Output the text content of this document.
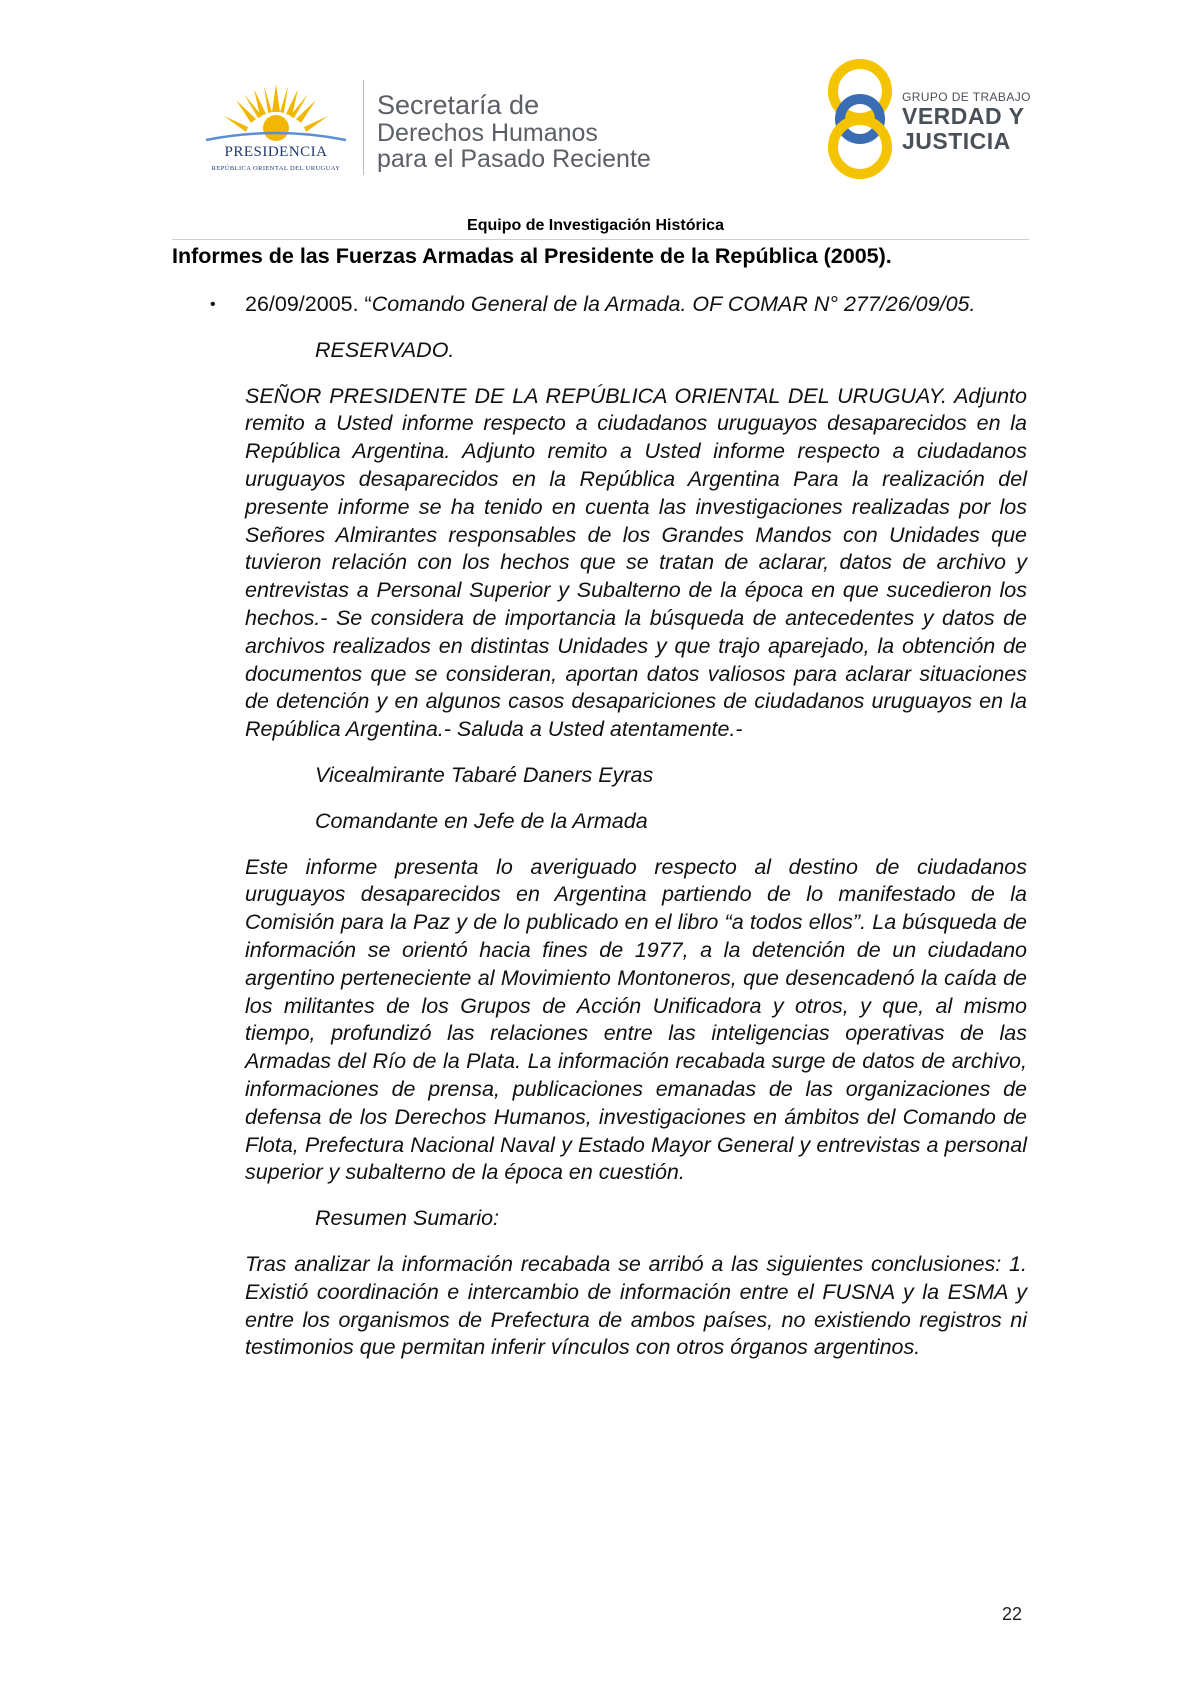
PRESIDENCIA
REPÚBLICA ORIENTAL DEL URUGUAY
Secretaría de
Derechos Humanos
para el Pasado Reciente
GRUPO DE TRABAJO
VERDAD Y
JUSTICIA
Equipo de Investigación Histórica
Informes de las Fuerzas Armadas al Presidente de la República (2005).

• 26/09/2005. “Comando General de la Armada. OF COMAR N° 277/26/09/05.

RESERVADO.

SEÑOR PRESIDENTE DE LA REPÚBLICA ORIENTAL DEL URUGUAY. Adjunto remito a Usted informe respecto a ciudadanos uruguayos desaparecidos en la República Argentina. Adjunto remito a Usted informe respecto a ciudadanos uruguayos desaparecidos en la República Argentina Para la realización del presente informe se ha tenido en cuenta las investigaciones realizadas por los Señores Almirantes responsables de los Grandes Mandos con Unidades que tuvieron relación con los hechos que se tratan de aclarar, datos de archivo y entrevistas a Personal Superior y Subalterno de la época en que sucedieron los hechos.- Se considera de importancia la búsqueda de antecedentes y datos de archivos realizados en distintas Unidades y que trajo aparejado, la obtención de documentos que se consideran, aportan datos valiosos para aclarar situaciones de detención y en algunos casos desapariciones de ciudadanos uruguayos en la República Argentina.- Saluda a Usted atentamente.-

Vicealmirante Tabaré Daners Eyras

Comandante en Jefe de la Armada

Este informe presenta lo averiguado respecto al destino de ciudadanos uruguayos desaparecidos en Argentina partiendo de lo manifestado de la Comisión para la Paz y de lo publicado en el libro “a todos ellos”. La búsqueda de información se orientó hacia fines de 1977, a la detención de un ciudadano argentino perteneciente al Movimiento Montoneros, que desencadenó la caída de los militantes de los Grupos de Acción Unificadora y otros, y que, al mismo tiempo, profundizó las relaciones entre las inteligencias operativas de las Armadas del Río de la Plata. La información recabada surge de datos de archivo, informaciones de prensa, publicaciones emanadas de las organizaciones de defensa de los Derechos Humanos, investigaciones en ámbitos del Comando de Flota, Prefectura Nacional Naval y Estado Mayor General y entrevistas a personal superior y subalterno de la época en cuestión.

Resumen Sumario:

Tras analizar la información recabada se arribó a las siguientes conclusiones: 1. Existió coordinación e intercambio de información entre el FUSNA y la ESMA y entre los organismos de Prefectura de ambos países, no existiendo registros ni testimonios que permitan inferir vínculos con otros órganos argentinos.

22
